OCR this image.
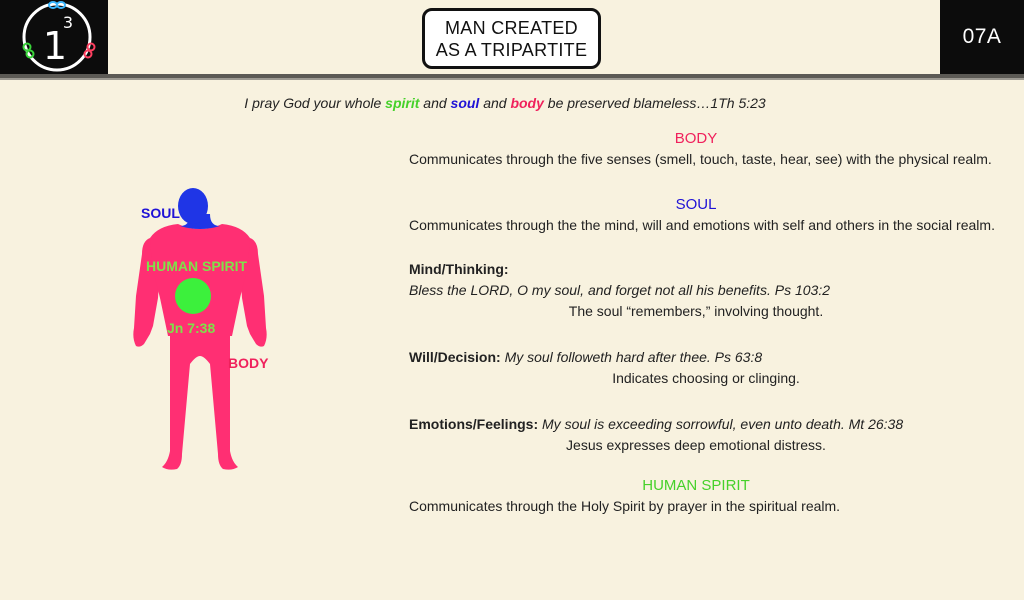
1
3	MAN CREATED AS A TRIPARTITE
07A
I pray God your whole spirit and soul and body be preserved blameless…1Th 5:23
SOUL
HUMAN SPIRIT
Jn 7:38
BODY
BODY
Communicates through the five senses (smell, touch, taste, hear, see) with the physical realm.
SOUL
Communicates through the the mind, will and emotions with self and others in the social realm.
Mind/Thinking:
Bless the LORD, O my soul, and forget not all his benefits. Ps 103:2
The soul “remembers,” involving thought.
Will/Decision: My soul followeth hard after thee. Ps 63:8
Indicates choosing or clinging.
Emotions/Feelings: My soul is exceeding sorrowful, even unto death. Mt 26:38
Jesus expresses deep emotional distress.
HUMAN SPIRIT
Communicates through the Holy Spirit by prayer in the spiritual realm.
